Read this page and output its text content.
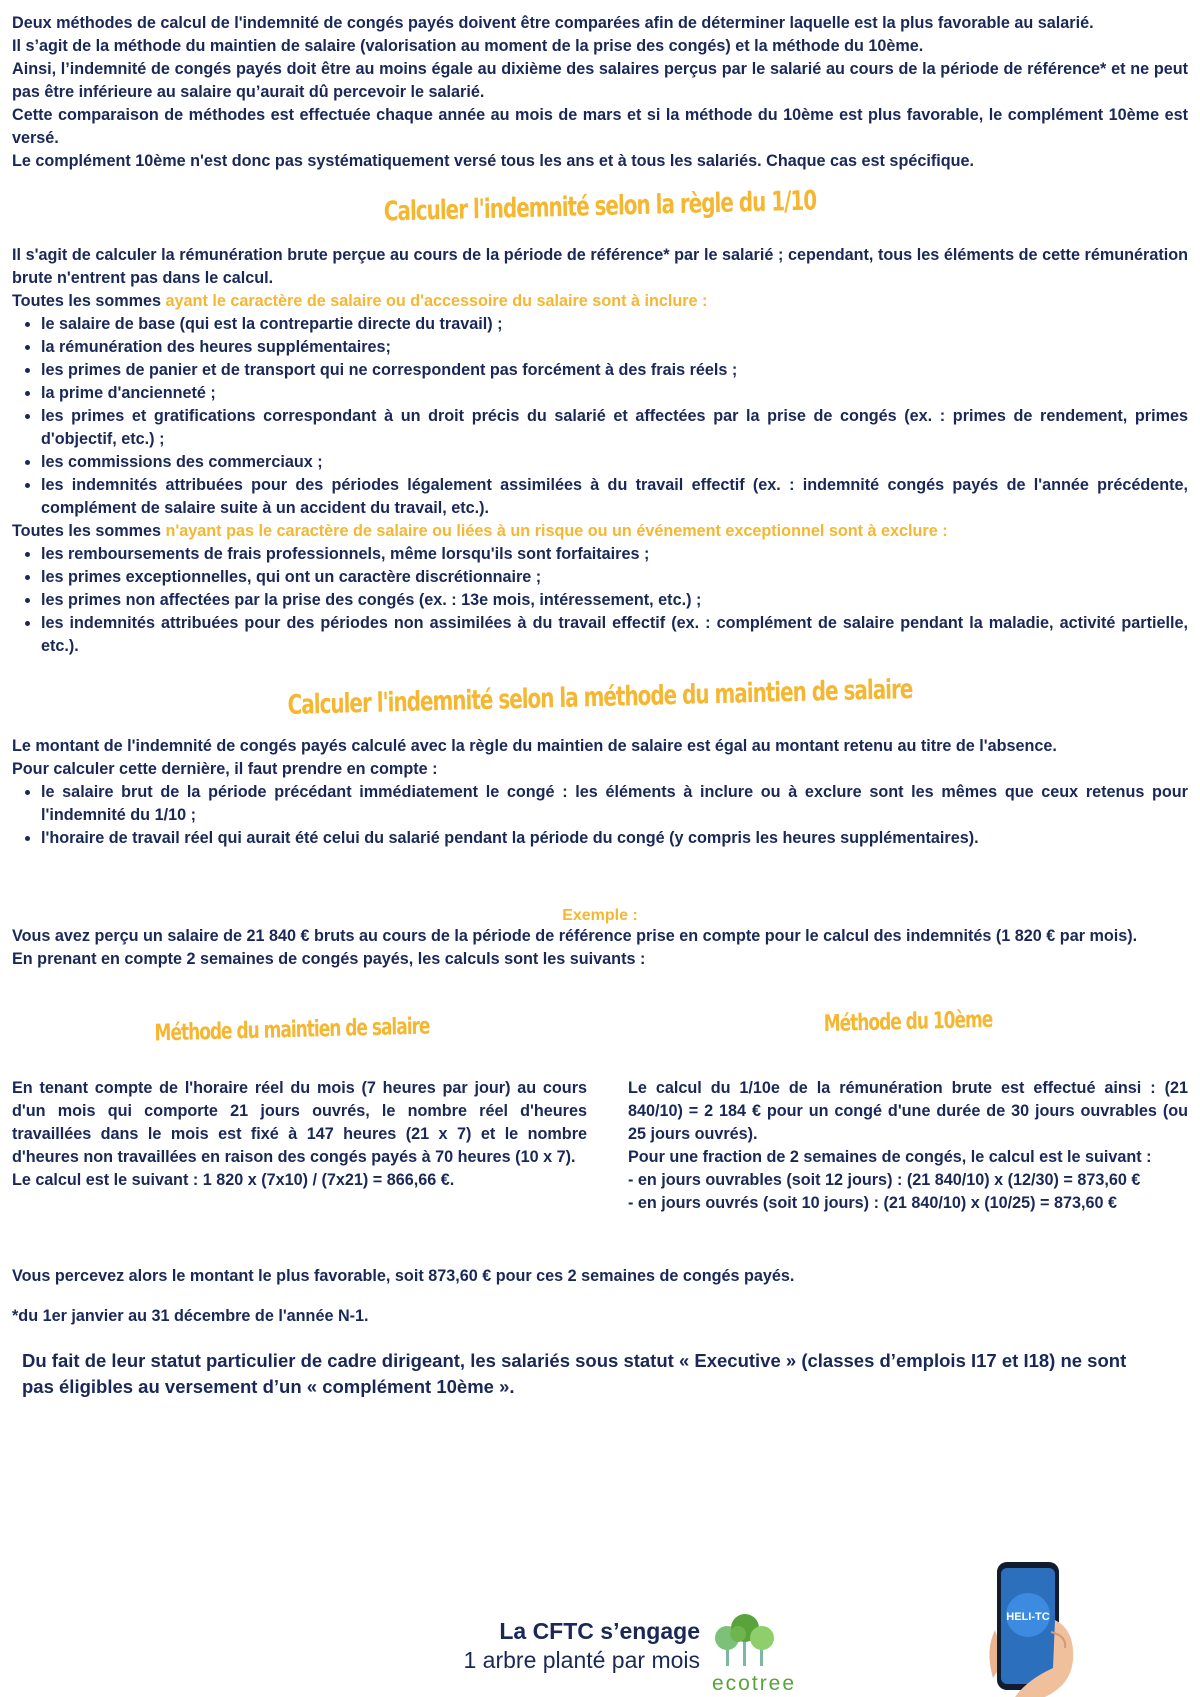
Deux méthodes de calcul de l'indemnité de congés payés doivent être comparées afin de déterminer laquelle est la plus favorable au salarié.

Il s’agit de la méthode du maintien de salaire (valorisation au moment de la prise des congés) et la méthode du 10ème.

Ainsi, l’indemnité de congés payés doit être au moins égale au dixième des salaires perçus par le salarié au cours de la période de référence* et ne peut pas être inférieure au salaire qu’aurait dû percevoir le salarié.

Cette comparaison de méthodes est effectuée chaque année au mois de mars et si la méthode du 10ème est plus favorable, le complément 10ème est versé.

Le complément 10ème n'est donc pas systématiquement versé tous les ans et à tous les salariés. Chaque cas est spécifique.

Calculer l'indemnité selon la règle du 1/10

Il s'agit de calculer la rémunération brute perçue au cours de la période de référence* par le salarié ; cependant, tous les éléments de cette rémunération brute n'entrent pas dans le calcul.

Toutes les sommes ayant le caractère de salaire ou d'accessoire du salaire sont à inclure :

• le salaire de base (qui est la contrepartie directe du travail) ;
• la rémunération des heures supplémentaires;
• les primes de panier et de transport qui ne correspondent pas forcément à des frais réels ;
• la prime d'ancienneté ;
• les primes et gratifications correspondant à un droit précis du salarié et affectées par la prise de congés (ex. : primes de rendement, primes d'objectif, etc.) ;
• les commissions des commerciaux ;
• les indemnités attribuées pour des périodes légalement assimilées à du travail effectif (ex. : indemnité congés payés de l'année précédente, complément de salaire suite à un accident du travail, etc.).

Toutes les sommes n'ayant pas le caractère de salaire ou liées à un risque ou un événement exceptionnel sont à exclure :

• les remboursements de frais professionnels, même lorsqu'ils sont forfaitaires ;
• les primes exceptionnelles, qui ont un caractère discrétionnaire ;
• les primes non affectées par la prise des congés (ex. : 13e mois, intéressement, etc.) ;
• les indemnités attribuées pour des périodes non assimilées à du travail effectif (ex. : complément de salaire pendant la maladie, activité partielle, etc.).
Calculer l'indemnité selon la méthode du maintien de salaire

Le montant de l'indemnité de congés payés calculé avec la règle du maintien de salaire est égal au montant retenu au titre de l'absence.

Pour calculer cette dernière, il faut prendre en compte :

• le salaire brut de la période précédant immédiatement le congé : les éléments à inclure ou à exclure sont les mêmes que ceux retenus pour l'indemnité du 1/10 ;
• l'horaire de travail réel qui aurait été celui du salarié pendant la période du congé (y compris les heures supplémentaires).
Exemple :

Vous avez perçu un salaire de 21 840 € bruts au cours de la période de référence prise en compte pour le calcul des indemnités (1 820 € par mois).

En prenant en compte 2 semaines de congés payés, les calculs sont les suivants :

Méthode du maintien de salaire

En tenant compte de l'horaire réel du mois (7 heures par jour) au cours d'un mois qui comporte 21 jours ouvrés, le nombre réel d'heures travaillées dans le mois est fixé à 147 heures (21 x 7) et le nombre d'heures non travaillées en raison des congés payés à 70 heures (10 x 7).

Le calcul est le suivant : 1 820 x (7x10) / (7x21) = 866,66 €.

Méthode du 10ème

Le calcul du 1/10e de la rémunération brute est effectué ainsi : (21 840/10) = 2 184 € pour un congé d'une durée de 30 jours ouvrables (ou 25 jours ouvrés).

Pour une fraction de 2 semaines de congés, le calcul est le suivant :

- en jours ouvrables (soit 12 jours) : (21 840/10) x (12/30) = 873,60 €

- en jours ouvrés (soit 10 jours) : (21 840/10) x (10/25) = 873,60 €

Vous percevez alors le montant le plus favorable, soit 873,60 € pour ces 2 semaines de congés payés.

*du 1er janvier au 31 décembre de l'année N-1.

Du fait de leur statut particulier de cadre dirigeant, les salariés sous statut « Executive » (classes d’emplois I17 et I18) ne sont pas éligibles au versement d’un « complément 10ème ».

La CFTC s’engage
1 arbre planté par mois
ecotree
HELI-TC
